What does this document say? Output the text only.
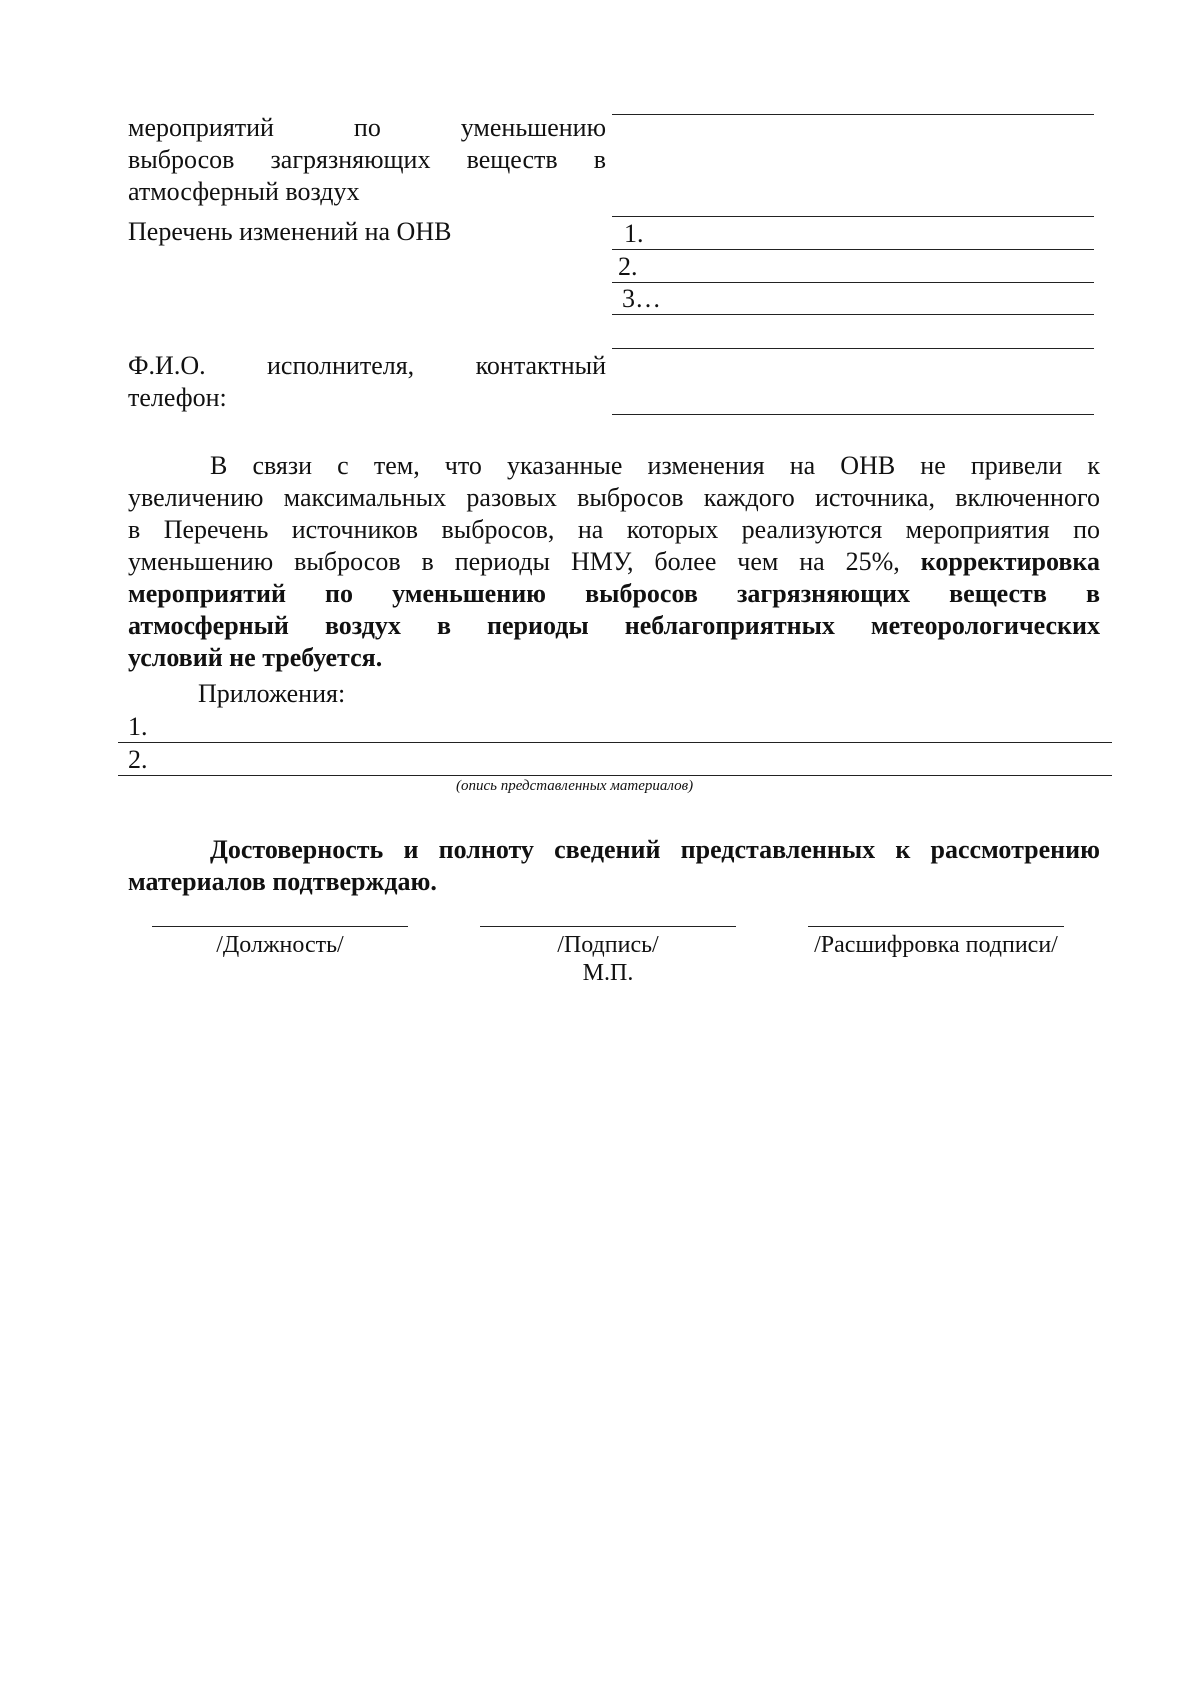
мероприятий по уменьшению
выбросов загрязняющих веществ в
атмосферный воздух
Перечень изменений на ОНВ
Ф.И.О. исполнителя, контактный
телефон:
1.
2.
3…
В связи с тем, что указанные изменения на ОНВ не привели к
увеличению максимальных разовых выбросов каждого источника, включенного
в Перечень источников выбросов, на которых реализуются мероприятия по
уменьшению выбросов в периоды НМУ, более чем на 25%, корректировка
мероприятий по уменьшению выбросов загрязняющих веществ в
атмосферный воздух в периоды неблагоприятных метеорологических
условий не требуется.
Приложения:
1.
2.
(опись представленных материалов)
Достоверность и полноту сведений представленных к рассмотрению
материалов подтверждаю.
/Должность/	/Подпись/
М.П.
/Расшифровка подписи/
